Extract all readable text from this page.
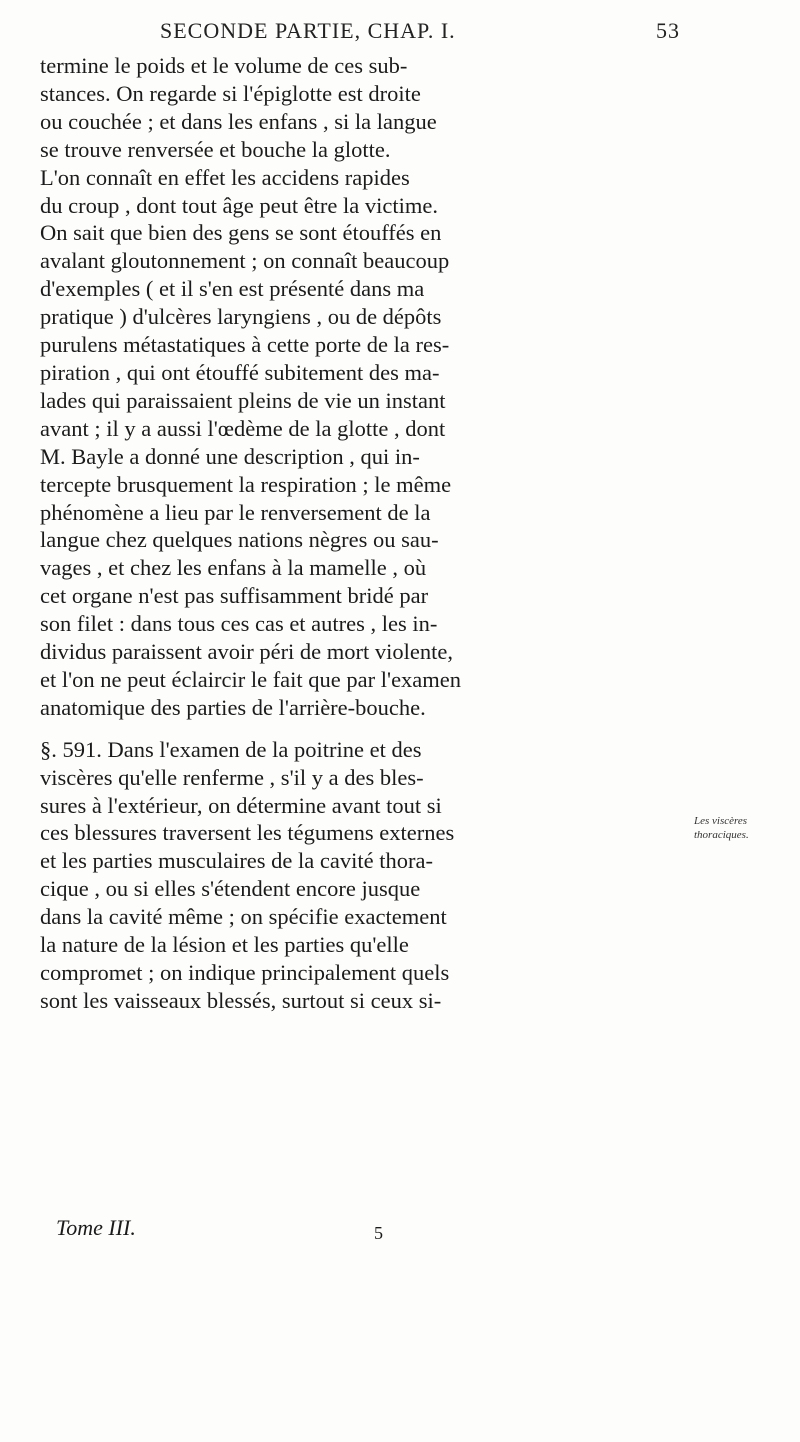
SECONDE PARTIE, CHAP. I.	53

termine le poids et le volume de ces sub-
stances. On regarde si l'épiglotte est droite
ou couchée ; et dans les enfans , si la langue
se trouve renversée et bouche la glotte.
L'on connaît en effet les accidens rapides
du croup , dont tout âge peut être la victime.
On sait que bien des gens se sont étouffés en
avalant gloutonnement ; on connaît beaucoup
d'exemples ( et il s'en est présenté dans ma
pratique ) d'ulcères laryngiens , ou de dépôts
purulens métastatiques à cette porte de la res-
piration , qui ont étouffé subitement des ma-
lades qui paraissaient pleins de vie un instant
avant ; il y a aussi l'œdème de la glotte , dont
M. Bayle a donné une description , qui in-
tercepte brusquement la respiration ; le même
phénomène a lieu par le renversement de la
langue chez quelques nations nègres ou sau-
vages , et chez les enfans à la mamelle , où
cet organe n'est pas suffisamment bridé par
son filet : dans tous ces cas et autres , les in-
dividus paraissent avoir péri de mort violente,
et l'on ne peut éclaircir le fait que par l'examen
anatomique des parties de l'arrière-bouche.

§. 591. Dans l'examen de la poitrine et des
viscères qu'elle renferme , s'il y a des bles-
sures à l'extérieur, on détermine avant tout si
ces blessures traversent les tégumens externes
et les parties musculaires de la cavité thora-
cique , ou si elles s'étendent encore jusque
dans la cavité même ; on spécifie exactement
la nature de la lésion et les parties qu'elle
compromet ; on indique principalement quels
sont les vaisseaux blessés, surtout si ceux si-

Les viscères thoraciques.
Tome III.	5
